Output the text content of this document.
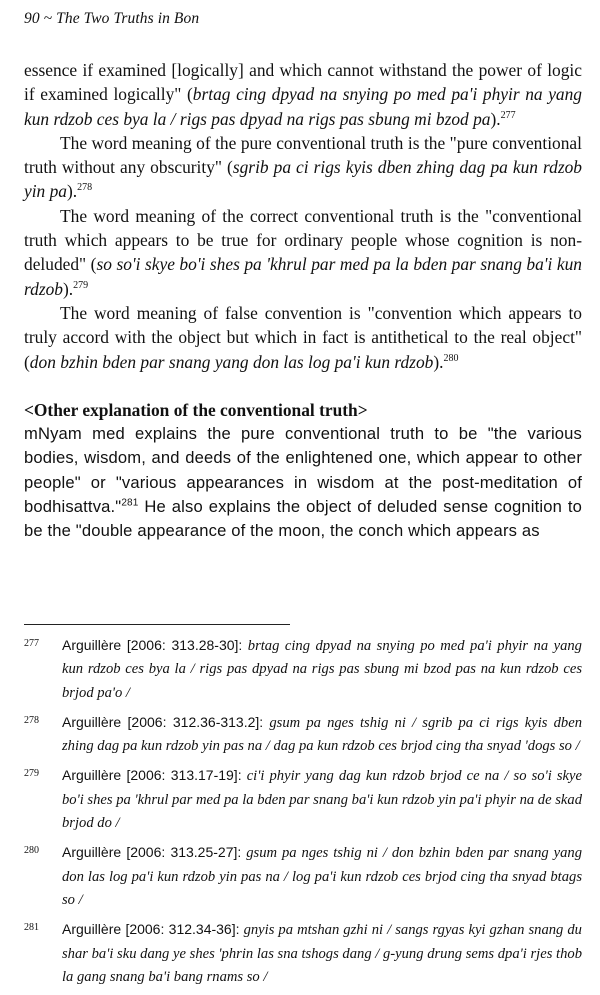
90 ~ The Two Truths in Bon

essence if examined [logically] and which cannot withstand the power of logic if examined logically" (brtag cing dpyad na snying po med pa'i phyir na yang kun rdzob ces bya la / rigs pas dpyad na rigs pas sbung mi bzod pa).$^{277}$

The word meaning of the pure conventional truth is the "pure conventional truth without any obscurity" (sgrib pa ci rigs kyis dben zhing dag pa kun rdzob yin pa).$^{278}$

The word meaning of the correct conventional truth is the "conventional truth which appears to be true for ordinary people whose cognition is non-deluded" (so so'i skye bo'i shes pa 'khrul par med pa la bden par snang ba'i kun rdzob).$^{279}$

The word meaning of false convention is "convention which appears to truly accord with the object but which in fact is antithetical to the real object" (don bzhin bden par snang yang don las log pa'i kun rdzob).$^{280}$

<Other explanation of the conventional truth>

mNyam med explains the pure conventional truth to be "the various bodies, wisdom, and deeds of the enlightened one, which appear to other people" or "various appearances in wisdom at the post-meditation of bodhisattva."$^{281}$ He also explains the object of deluded sense cognition to be the "double appearance of the moon, the conch which appears as

277 Arguillère [2006: 313.28-30]: brtag cing dpyad na snying po med pa'i phyir na yang kun rdzob ces bya la / rigs pas dpyad na rigs pas sbung mi bzod pas na kun rdzob ces brjod pa'o /
278 Arguillère [2006: 312.36-313.2]: gsum pa nges tshig ni / sgrib pa ci rigs kyis dben zhing dag pa kun rdzob yin pas na / dag pa kun rdzob ces brjod cing tha snyad 'dogs so /
279 Arguillère [2006: 313.17-19]: ci'i phyir yang dag kun rdzob brjod ce na / so so'i skye bo'i shes pa 'khrul par med pa la bden par snang ba'i kun rdzob yin pa'i phyir na de skad brjod do /
280 Arguillère [2006: 313.25-27]: gsum pa nges tshig ni / don bzhin bden par snang yang don las log pa'i kun rdzob yin pas na / log pa'i kun rdzob ces brjod cing tha snyad btags so /
281 Arguillère [2006: 312.34-36]: gnyis pa mtshan gzhi ni / sangs rgyas kyi gzhan snang du shar ba'i sku dang ye shes 'phrin las sna tshogs dang / g-yung drung sems dpa'i rjes thob la gang snang ba'i bang rnams so /
